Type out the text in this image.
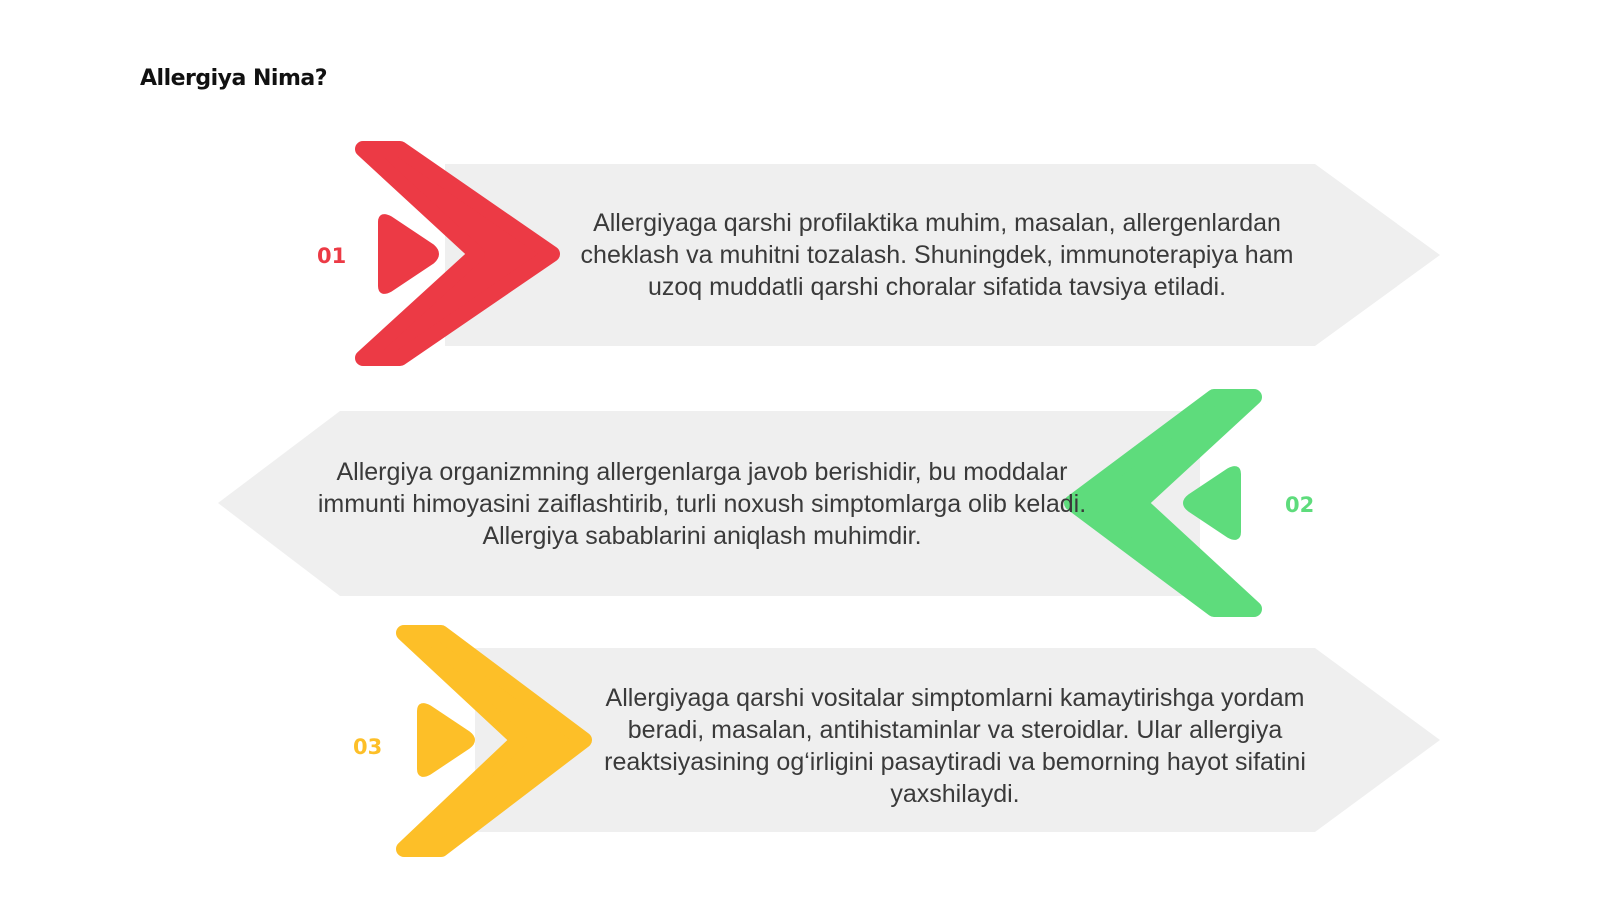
Allergiya Nima?
01
02
03
Allergiyaga qarshi profilaktika muhim, masalan, allergenlardan cheklash va muhitni tozalash. Shuningdek, immunoterapiya ham uzoq muddatli qarshi choralar sifatida tavsiya etiladi.
Allergiya organizmning allergenlarga javob berishidir, bu moddalar immunti himoyasini zaiflashtirib, turli noxush simptomlarga olib keladi. Allergiya sabablarini aniqlash muhimdir.
Allergiyaga qarshi vositalar simptomlarni kamaytirishga yordam beradi, masalan, antihistaminlar va steroidlar. Ular allergiya reaktsiyasining og‘irligini pasaytiradi va bemorning hayot sifatini yaxshilaydi.
